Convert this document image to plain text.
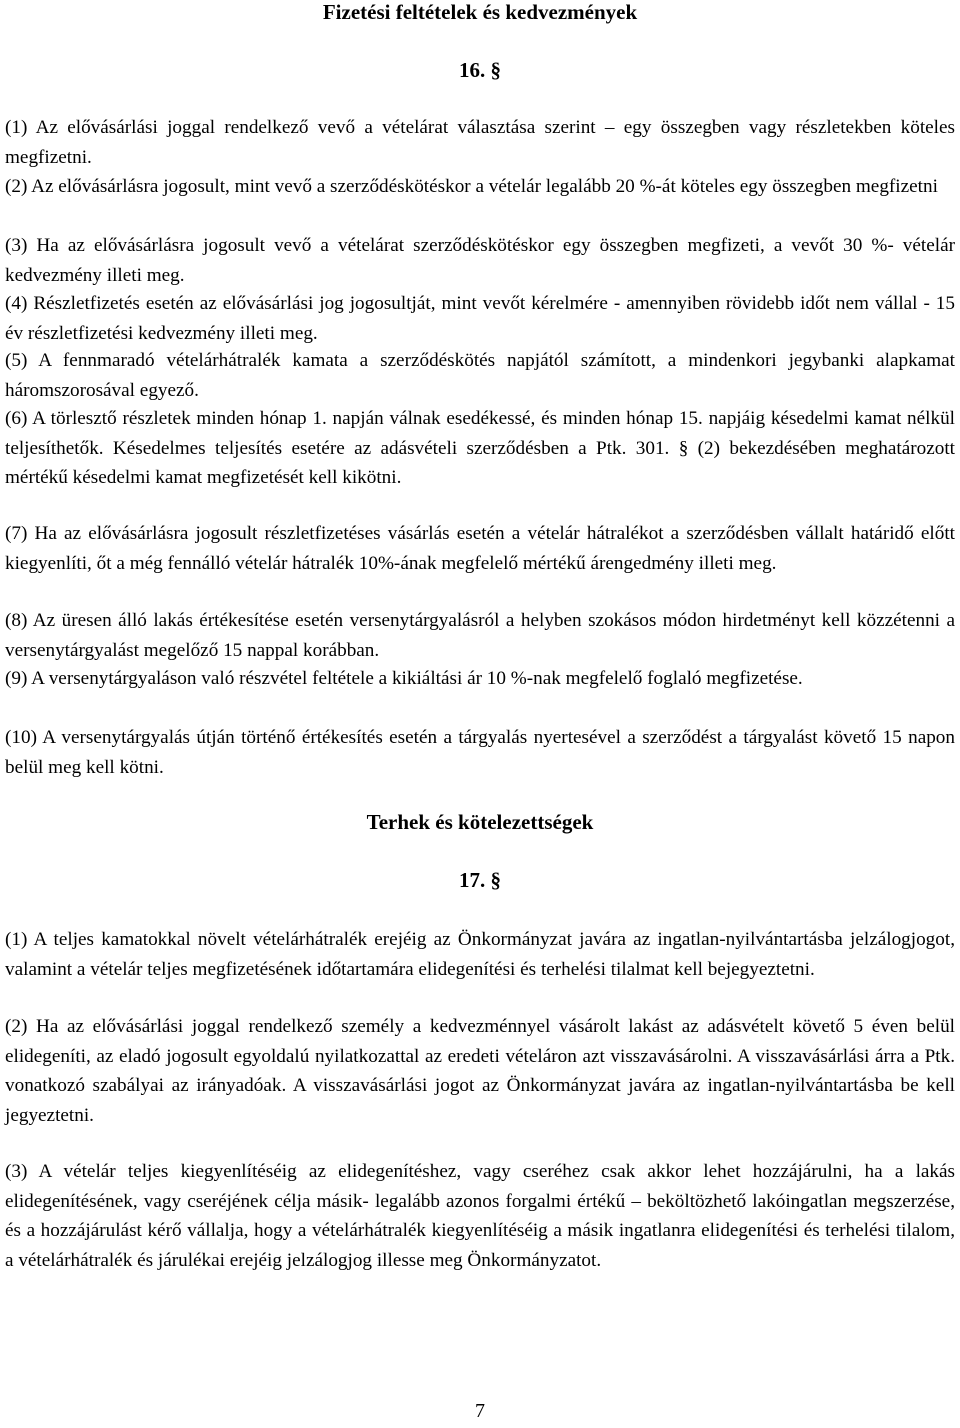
Fizetési feltételek és kedvezmények
16. §

(1) Az elővásárlási joggal rendelkező vevő a vételárat választása szerint – egy összegben vagy részletekben köteles megfizetni.

(2) Az elővásárlásra jogosult, mint vevő a szerződéskötéskor a vételár legalább 20 %-át köteles egy összegben megfizetni

(3) Ha az elővásárlásra jogosult vevő a vételárat szerződéskötéskor egy összegben megfizeti, a vevőt 30 %- vételár kedvezmény illeti meg.

(4) Részletfizetés esetén az elővásárlási jog jogosultját, mint vevőt kérelmére - amennyiben rövidebb időt nem vállal - 15 év részletfizetési kedvezmény illeti meg.

(5) A fennmaradó vételárhátralék kamata a szerződéskötés napjától számított, a mindenkori jegybanki alapkamat háromszorosával egyező.

(6) A törlesztő részletek minden hónap 1. napján válnak esedékessé, és minden hónap 15. napjáig késedelmi kamat nélkül teljesíthetők. Késedelmes teljesítés esetére az adásvételi szerződésben a Ptk. 301. § (2) bekezdésében meghatározott mértékű késedelmi kamat megfizetését kell kikötni.

(7) Ha az elővásárlásra jogosult részletfizetéses vásárlás esetén a vételár hátralékot a szerződésben vállalt határidő előtt kiegyenlíti, őt a még fennálló vételár hátralék 10%-ának megfelelő mértékű árengedmény illeti meg.

(8) Az üresen álló lakás értékesítése esetén versenytárgyalásról a helyben szokásos módon hirdetményt kell közzétenni a versenytárgyalást megelőző 15 nappal korábban.

(9) A versenytárgyaláson való részvétel feltétele a kikiáltási ár 10 %-nak megfelelő foglaló megfizetése.

(10) A versenytárgyalás útján történő értékesítés esetén a tárgyalás nyertesével a szerződést a tárgyalást követő 15 napon belül meg kell kötni.

Terhek és kötelezettségek
17. §

(1) A teljes kamatokkal növelt vételárhátralék erejéig az Önkormányzat javára az ingatlan-nyilvántartásba jelzálogjogot, valamint a vételár teljes megfizetésének időtartamára elidegenítési és terhelési tilalmat kell bejegyeztetni.

(2) Ha az elővásárlási joggal rendelkező személy a kedvezménnyel vásárolt lakást az adásvételt követő 5 éven belül elidegeníti, az eladó jogosult egyoldalú nyilatkozattal az eredeti vételáron azt visszavásárolni. A visszavásárlási árra a Ptk. vonatkozó szabályai az irányadóak. A visszavásárlási jogot az Önkormányzat javára az ingatlan-nyilvántartásba be kell jegyeztetni.

(3) A vételár teljes kiegyenlítéséig az elidegenítéshez, vagy cseréhez csak akkor lehet hozzájárulni, ha a lakás elidegenítésének, vagy cseréjének célja másik- legalább azonos forgalmi értékű – beköltözhető lakóingatlan megszerzése, és a hozzájárulást kérő vállalja, hogy a vételárhátralék kiegyenlítéséig a másik ingatlanra elidegenítési és terhelési tilalom, a vételárhátralék és járulékai erejéig jelzálogjog illesse meg Önkormányzatot.

7
